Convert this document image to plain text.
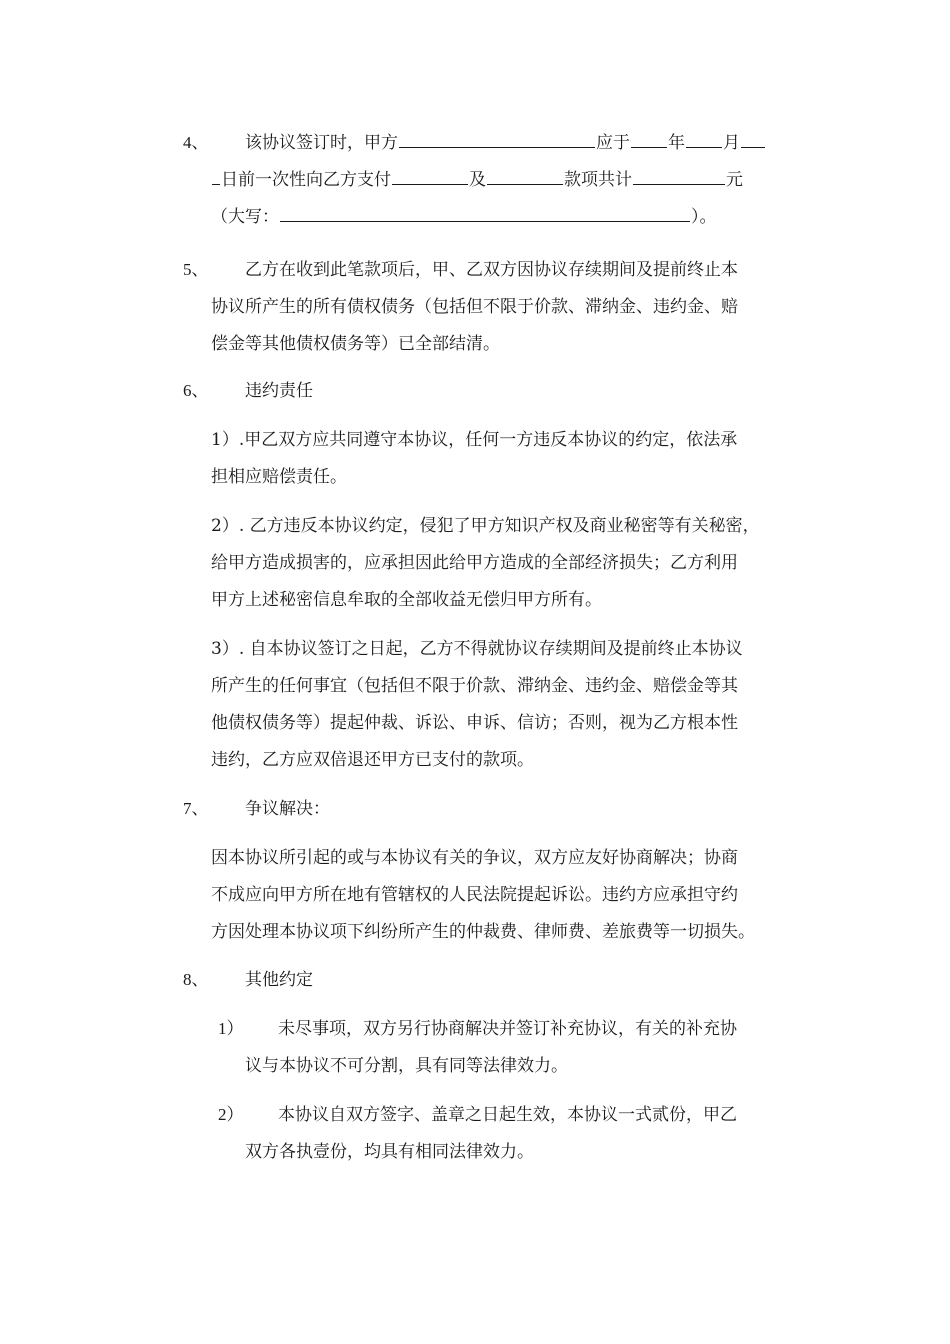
4、 该协议签订时，甲方	应于 年 月
日前一次性向乙方支付	及	款项共计	元
（大写：	）。
5、 乙方在收到此笔款项后，甲、乙双方因协议存续期间及提前终止本
协议所产生的所有债权债务（包括但不限于价款、滞纳金、违约金、赔
偿金等其他债权债务等）已全部结清。
6、 违约责任
1）.甲乙双方应共同遵守本协议，任何一方违反本协议的约定，依法承
担相应赔偿责任。
2）. 乙方违反本协议约定，侵犯了甲方知识产权及商业秘密等有关秘密，
给甲方造成损害的，应承担因此给甲方造成的全部经济损失；乙方利用
甲方上述秘密信息牟取的全部收益无偿归甲方所有。
3）. 自本协议签订之日起，乙方不得就协议存续期间及提前终止本协议
所产生的任何事宜（包括但不限于价款、滞纳金、违约金、赔偿金等其
他债权债务等）提起仲裁、诉讼、申诉、信访；否则，视为乙方根本性
违约，乙方应双倍退还甲方已支付的款项。
7、 争议解决：
因本协议所引起的或与本协议有关的争议，双方应友好协商解决；协商
不成应向甲方所在地有管辖权的人民法院提起诉讼。违约方应承担守约
方因处理本协议项下纠纷所产生的仲裁费、律师费、差旅费等一切损失。
8、 其他约定
1） 未尽事项，双方另行协商解决并签订补充协议，有关的补充协
议与本协议不可分割，具有同等法律效力。
2） 本协议自双方签字、盖章之日起生效，本协议一式贰份，甲乙
双方各执壹份，均具有相同法律效力。
